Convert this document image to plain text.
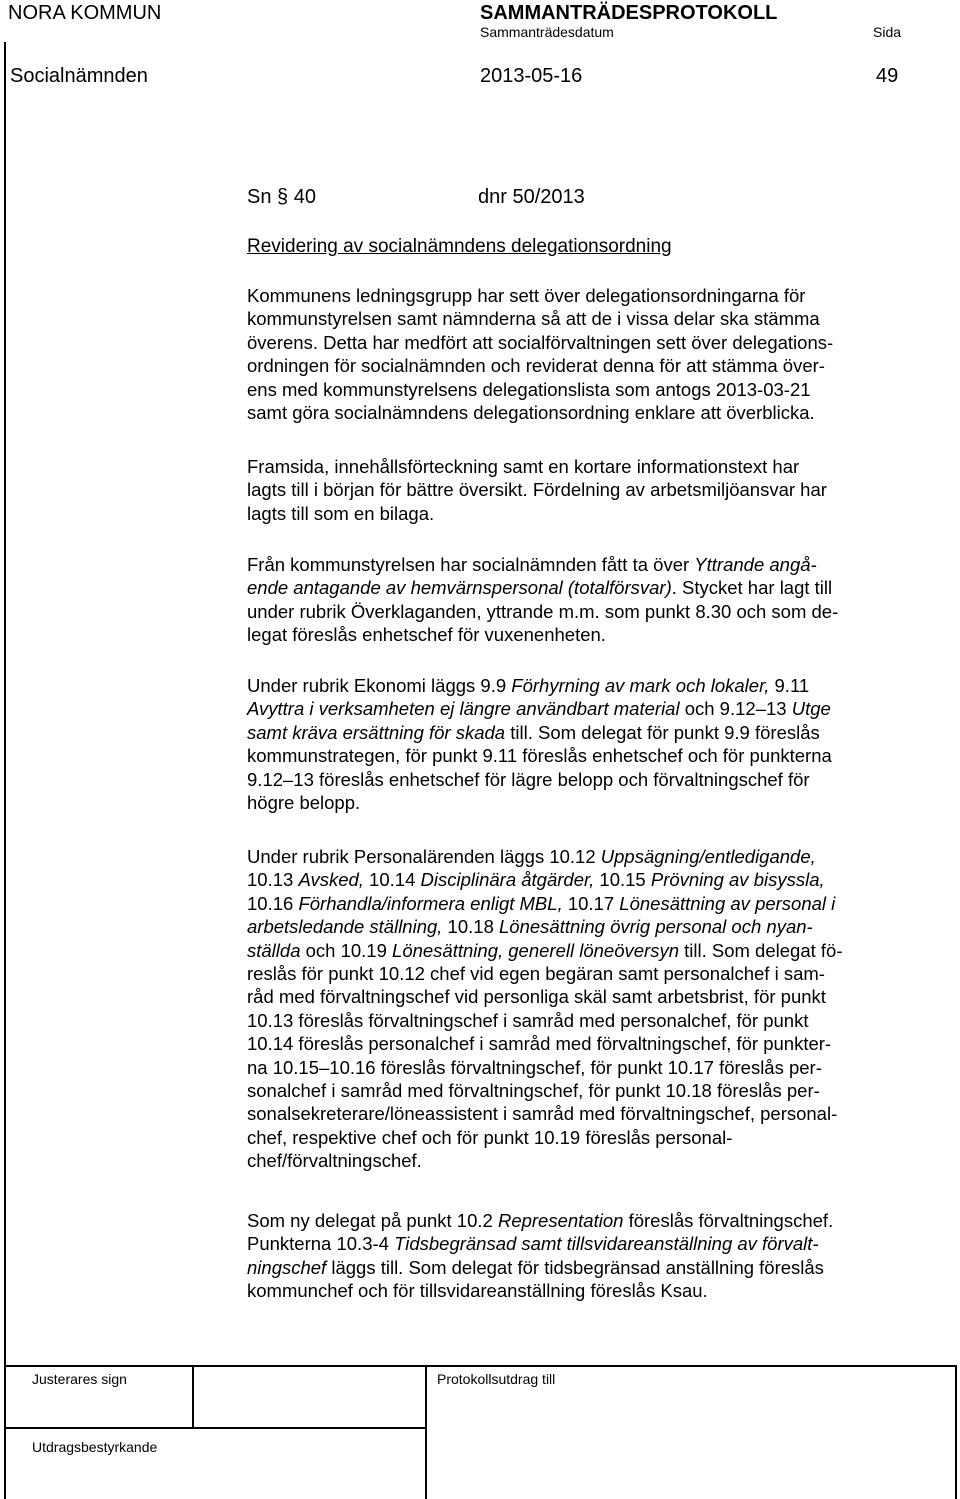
NORA KOMMUN	SAMMANTRÄDESPROTOKOLL
Sammanträdesdatum	Sida
Socialnämnden	2013-05-16	49
Sn § 40	dnr 50/2013
Revidering av socialnämndens delegationsordning
Kommunens ledningsgrupp har sett över delegationsordningarna för
kommunstyrelsen samt nämnderna så att de i vissa delar ska stämma
överens. Detta har medfört att socialförvaltningen sett över delegations-
ordningen för socialnämnden och reviderat denna för att stämma över-
ens med kommunstyrelsens delegationslista som antogs 2013-03-21
samt göra socialnämndens delegationsordning enklare att överblicka.
Framsida, innehållsförteckning samt en kortare informationstext har
lagts till i början för bättre översikt. Fördelning av arbetsmiljöansvar har
lagts till som en bilaga.
Från kommunstyrelsen har socialnämnden fått ta över Yttrande angå-
ende antagande av hemvärnspersonal (totalförsvar). Stycket har lagt till
under rubrik Överklaganden, yttrande m.m. som punkt 8.30 och som de-
legat föreslås enhetschef för vuxenenheten.
Under rubrik Ekonomi läggs 9.9 Förhyrning av mark och lokaler, 9.11
Avyttra i verksamheten ej längre användbart material och 9.12–13 Utge
samt kräva ersättning för skada till. Som delegat för punkt 9.9 föreslås
kommunstrategen, för punkt 9.11 föreslås enhetschef och för punkterna
9.12–13 föreslås enhetschef för lägre belopp och förvaltningschef för
högre belopp.
Under rubrik Personalärenden läggs 10.12 Uppsägning/entledigande,
10.13 Avsked, 10.14 Disciplinära åtgärder, 10.15 Prövning av bisyssla,
10.16 Förhandla/informera enligt MBL, 10.17 Lönesättning av personal i
arbetsledande ställning, 10.18 Lönesättning övrig personal och nyan-
ställda och 10.19 Lönesättning, generell löneöversyn till. Som delegat fö-
reslås för punkt 10.12 chef vid egen begäran samt personalchef i sam-
råd med förvaltningschef vid personliga skäl samt arbetsbrist, för punkt
10.13 föreslås förvaltningschef i samråd med personalchef, för punkt
10.14 föreslås personalchef i samråd med förvaltningschef, för punkter-
na 10.15–10.16 föreslås förvaltningschef, för punkt 10.17 föreslås per-
sonalchef i samråd med förvaltningschef, för punkt 10.18 föreslås per-
sonalsekreterare/löneassistent i samråd med förvaltningschef, personal-
chef, respektive chef och för punkt 10.19 föreslås personal-
chef/förvaltningschef.
Som ny delegat på punkt 10.2 Representation föreslås förvaltningschef.
Punkterna 10.3-4 Tidsbegränsad samt tillsvidareanställning av förvalt-
ningschef läggs till. Som delegat för tidsbegränsad anställning föreslås
kommunchef och för tillsvidareanställning föreslås Ksau.
Justerares sign	Protokollsutdrag till
Utdragsbestyrkande
